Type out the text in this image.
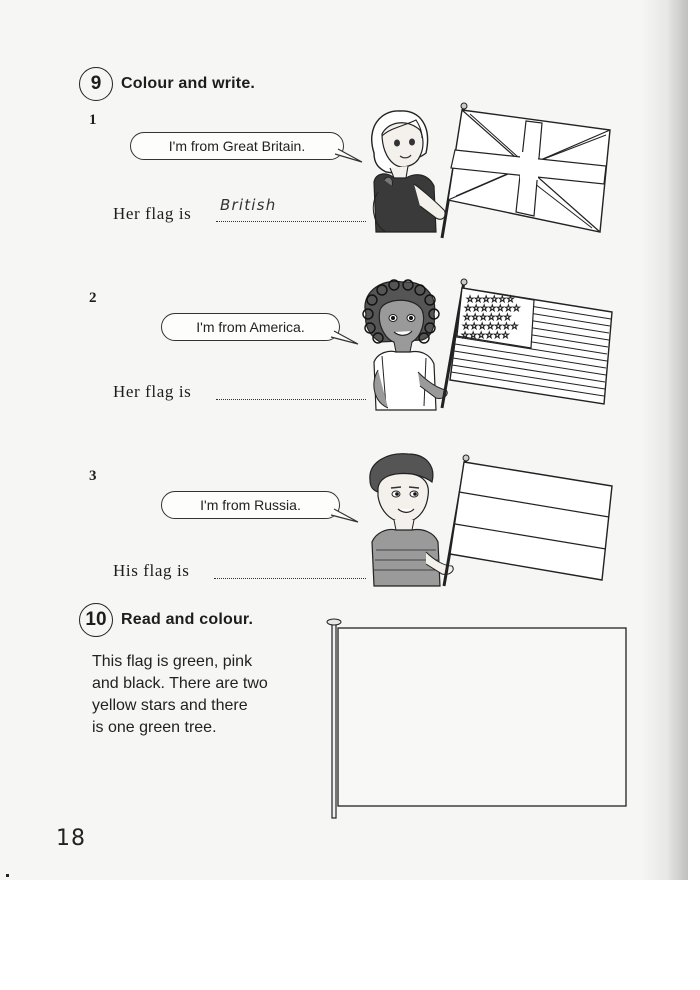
9	Colour and write.
1
I'm from Great Britain.
Her flag is British
2
I'm from America.
Her flag is
☆☆☆☆☆☆
☆☆☆☆☆☆☆
☆☆☆☆☆☆
☆☆☆☆☆☆☆
☆☆☆☆☆☆
3
I'm from Russia.
His flag is
10 Read and colour.
This flag is green, pink
and black. There are two
yellow stars and there
is one green tree.
18
